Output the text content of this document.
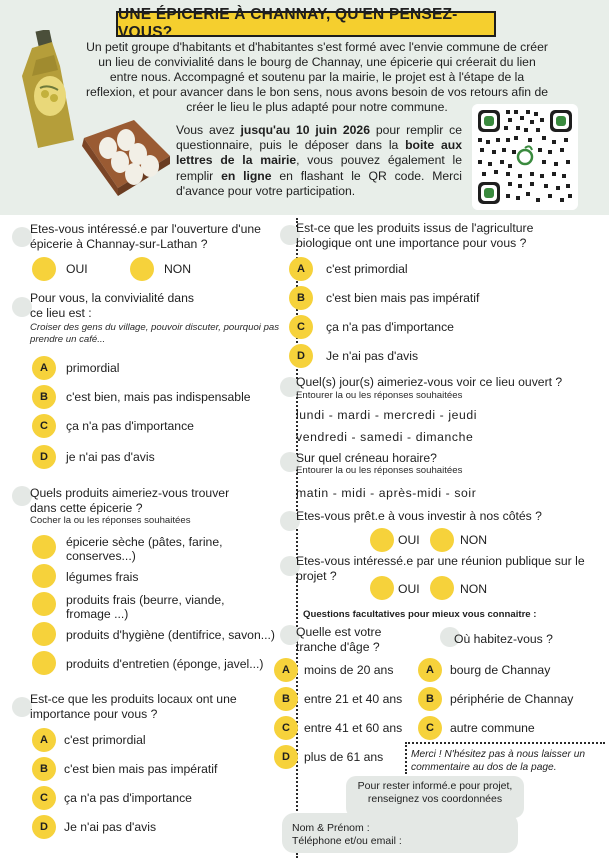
UNE ÉPICERIE À CHANNAY, QU'EN PENSEZ-VOUS?
Un petit groupe d'habitants et d'habitantes s'est formé avec l'envie commune de créer un lieu de convivialité dans le bourg de Channay, une épicerie qui créerait du lien entre nous. Accompagné et soutenu par la mairie, le projet est à l'étape de la reflexion, et pour avancer dans le bon sens, nous avons besoin de vos retours afin de créer le lieu le plus adapté pour notre commune.
Vous avez jusqu'au 10 juin 2026 pour remplir ce questionnaire, puis le déposer dans la boite aux lettres de la mairie, vous pouvez également le remplir en ligne en flashant le QR code. Merci d'avance pour votre participation.
Etes-vous intéressé.e par l'ouverture d'une épicerie à Channay-sur-Lathan ?
OUI	NON
Pour vous, la convivialité dans ce lieu est :
Croiser des gens du village, pouvoir discuter, pourquoi pas prendre un café...
A primordial
B c'est bien, mais pas indispensable
C ça n'a pas d'importance
D je n'ai pas d'avis
Quels produits aimeriez-vous trouver dans cette épicerie ?
Cocher la ou les réponses souhaitées
épicerie sèche (pâtes, farine, conserves...)
légumes frais
produits frais (beurre, viande, fromage ...)
produits d'hygiène (dentifrice, savon...)
produits d'entretien (éponge, javel...)
Est-ce que les produits locaux ont une importance pour vous ?
A c'est primordial
B c'est bien mais pas impératif
C ça n'a pas d'importance
D Je n'ai pas d'avis
Est-ce que les produits issus de l'agriculture biologique ont une importance pour vous ?
A c'est primordial
B c'est bien mais pas impératif
C ça n'a pas d'importance
D Je n'ai pas d'avis
Quel(s) jour(s) aimeriez-vous voir ce lieu ouvert ?
Entourer la ou les réponses souhaitées
lundi - mardi - mercredi - jeudi
vendredi - samedi - dimanche
Sur quel créneau horaire?
Entourer la ou les réponses souhaitées
matin - midi - après-midi - soir
Etes-vous prêt.e à vous investir à nos côtés ?
OUI	NON
Etes-vous intéressé.e par une réunion publique sur le projet ?
OUI	NON
Questions facultatives pour mieux vous connaitre :
Quelle est votre tranche d'âge ?
Où habitez-vous ?
A moins de 20 ans
B entre 21 et 40 ans
C entre 41 et 60 ans
D plus de 61 ans
A bourg de Channay
B périphérie de Channay
C autre commune
Merci ! N'hésitez pas à nous laisser un commentaire au dos de la page.
Pour rester informé.e pour projet, renseignez vos coordonnées
Nom & Prénom :
Téléphone et/ou email :
